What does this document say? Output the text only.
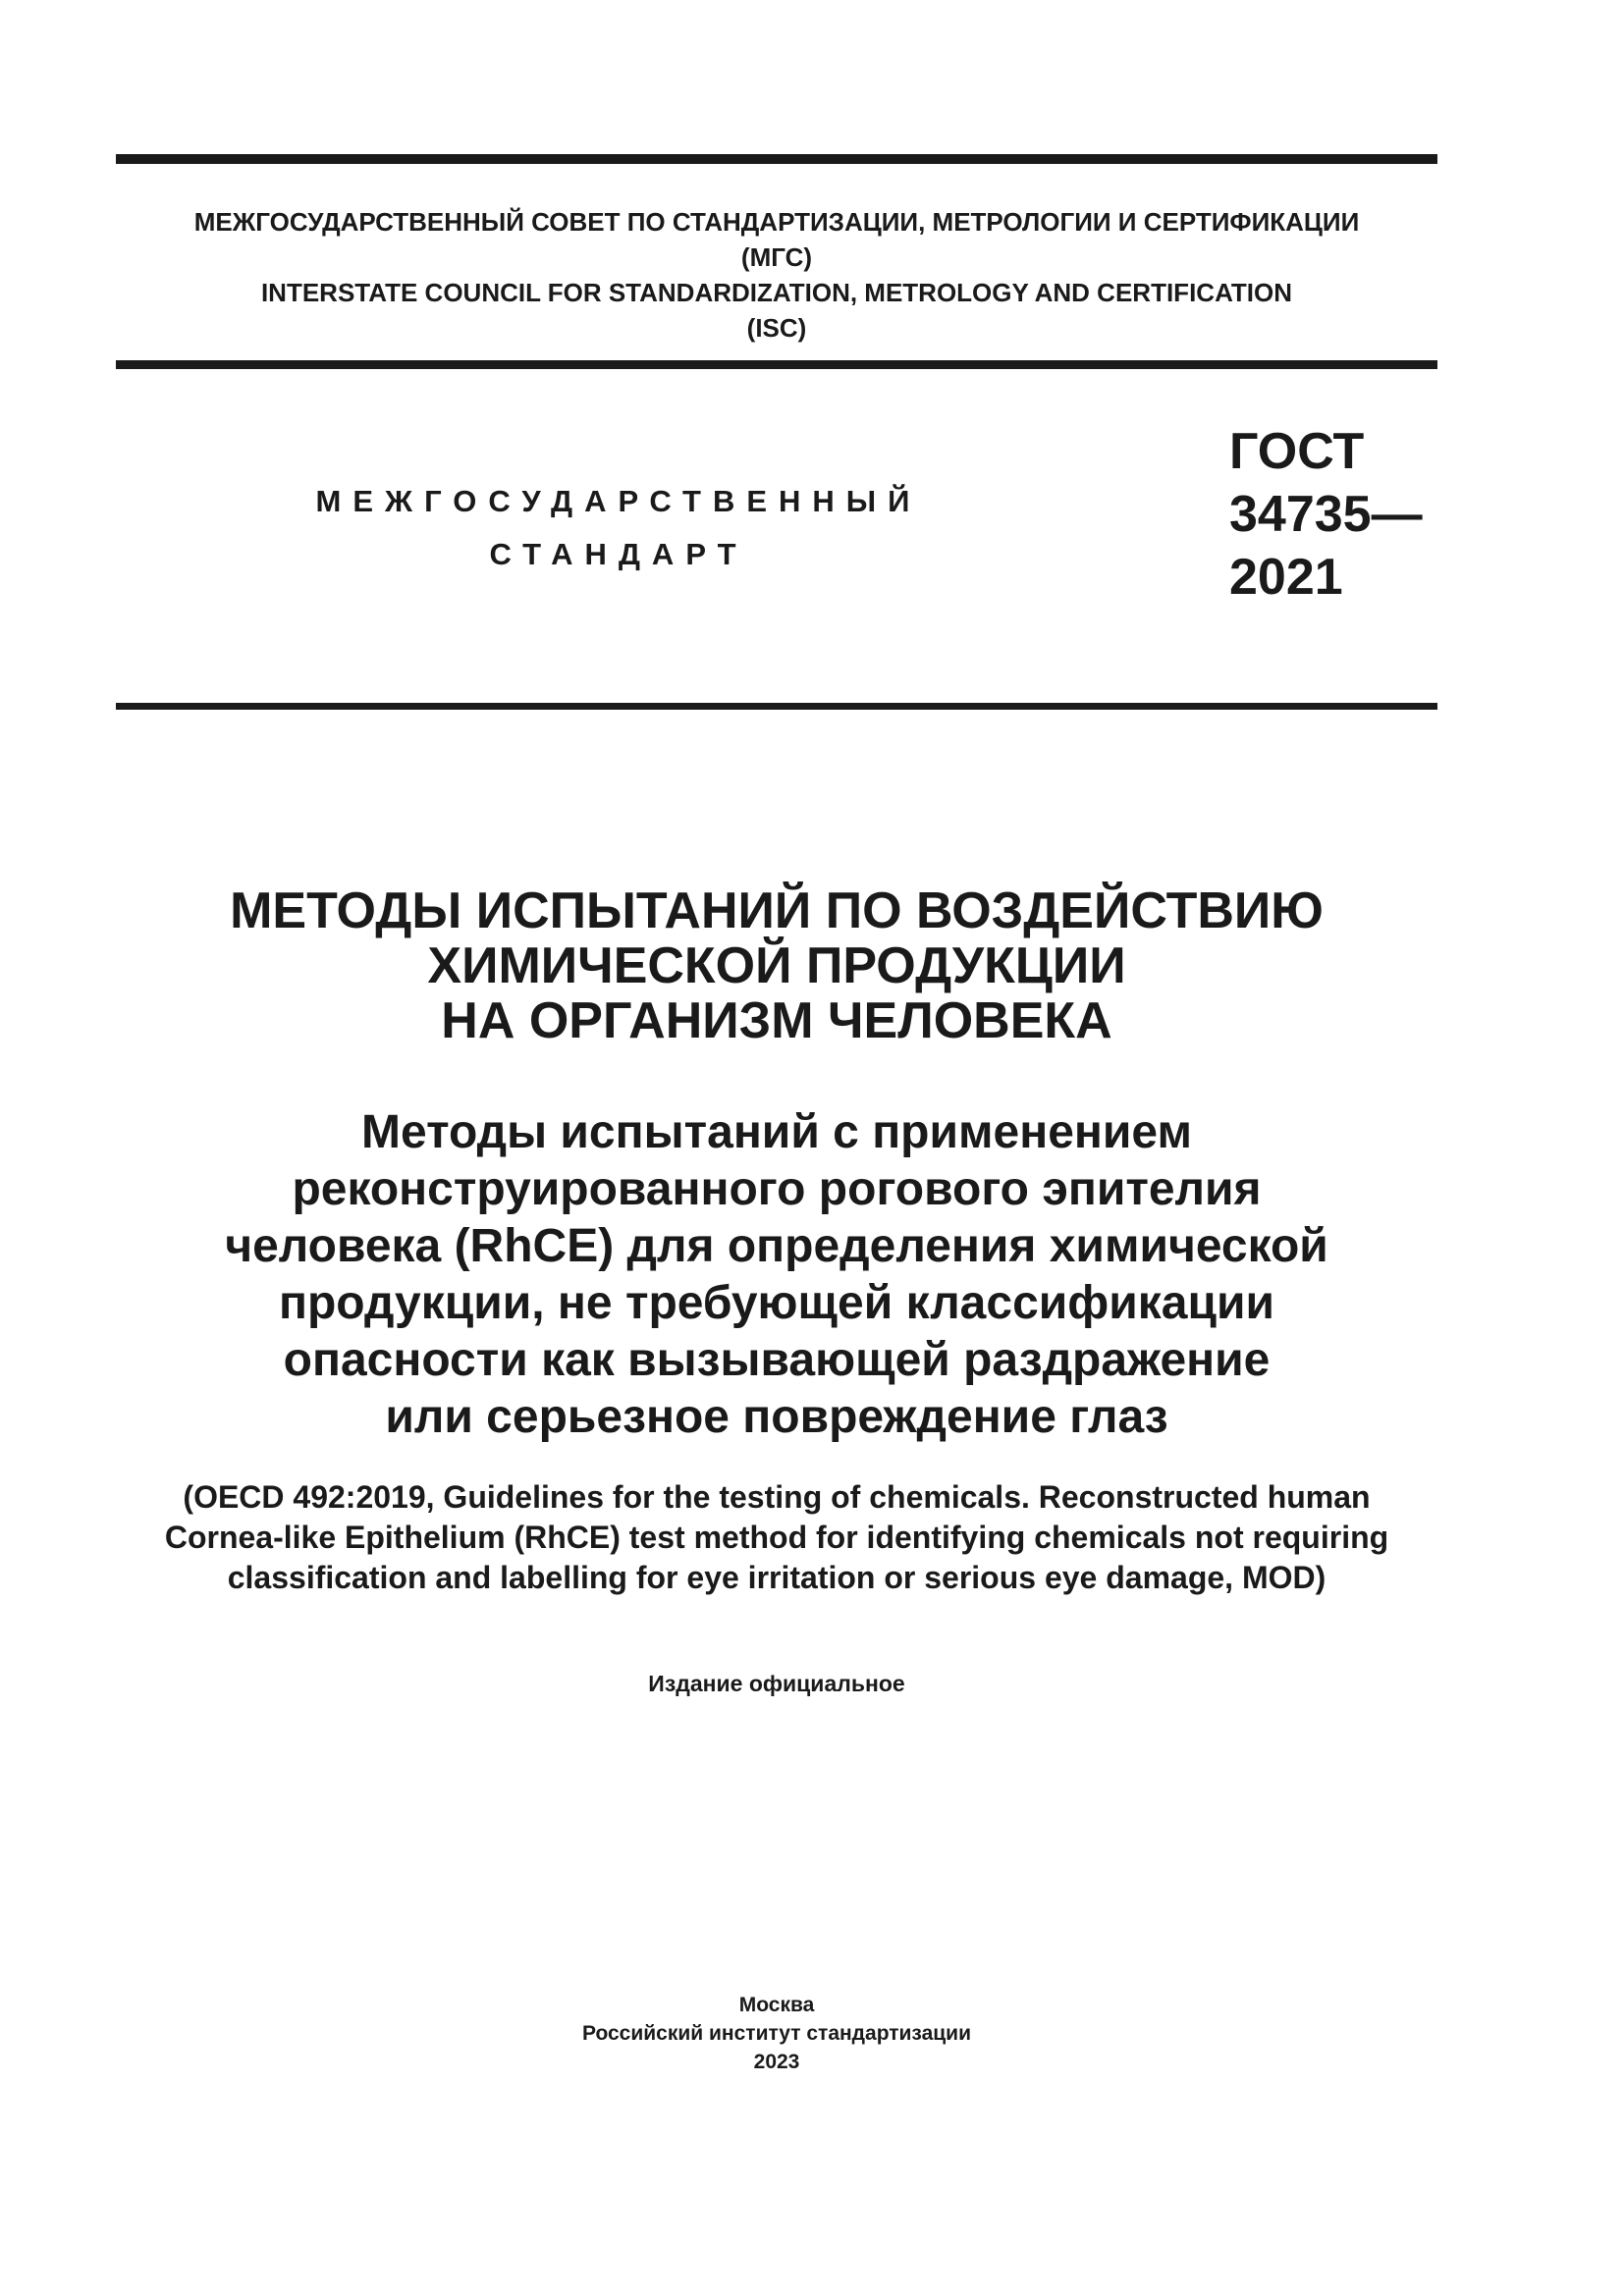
МЕЖГОСУДАРСТВЕННЫЙ СОВЕТ ПО СТАНДАРТИЗАЦИИ, МЕТРОЛОГИИ И СЕРТИФИКАЦИИ
(МГС)
INTERSTATE COUNCIL FOR STANDARDIZATION, METROLOGY AND CERTIFICATION
(ISC)
МЕЖГОСУДАРСТВЕННЫЙ
СТАНДАРТ
ГОСТ
34735—
2021
МЕТОДЫ ИСПЫТАНИЙ ПО ВОЗДЕЙСТВИЮ
ХИМИЧЕСКОЙ ПРОДУКЦИИ
НА ОРГАНИЗМ ЧЕЛОВЕКА
Методы испытаний с применением
реконструированного рогового эпителия
человека (RhCE) для определения химической
продукции, не требующей классификации
опасности как вызывающей раздражение
или серьезное повреждение глаз
(OECD 492:2019, Guidelines for the testing of chemicals. Reconstructed human
Cornea-like Epithelium (RhCE) test method for identifying chemicals not requiring
classification and labelling for eye irritation or serious eye damage, MOD)
Издание официальное
Москва
Российский институт стандартизации
2023
